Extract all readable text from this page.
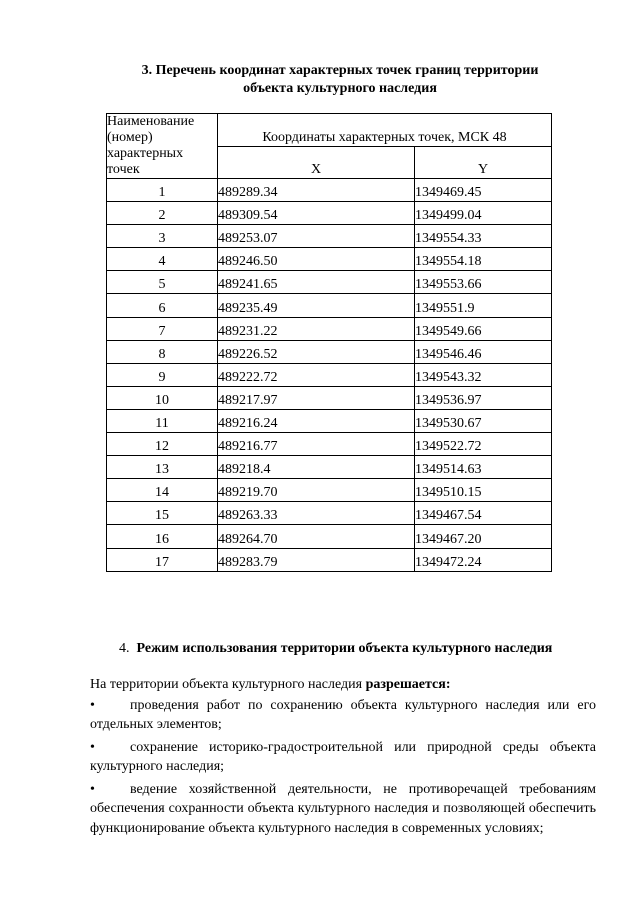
3. Перечень координат характерных точек границ территории
объекта культурного наследия
Наименование
(номер)
характерных
точек	Координаты характерных точек, МСК 48	
	X	Y
1	489289.34	1349469.45
2	489309.54	1349499.04
3	489253.07	1349554.33
4	489246.50	1349554.18
5	489241.65	1349553.66
6	489235.49	1349551.9
7	489231.22	1349549.66
8	489226.52	1349546.46
9	489222.72	1349543.32
10	489217.97	1349536.97
11	489216.24	1349530.67
12	489216.77	1349522.72
13	489218.4	1349514.63
14	489219.70	1349510.15
15	489263.33	1349467.54
16	489264.70	1349467.20
17	489283.79	1349472.24
4. Режим использования территории объекта культурного наследия

На территории объекта культурного наследия разрешается:

•	проведения работ по сохранению объекта культурного наследия или его отдельных элементов;

•	сохранение историко-градостроительной или природной среды объекта культурного наследия;

•	ведение хозяйственной деятельности, не противоречащей требованиям обеспечения сохранности объекта культурного наследия и позволяющей обеспечить функционирование объекта культурного наследия в современных условиях;
